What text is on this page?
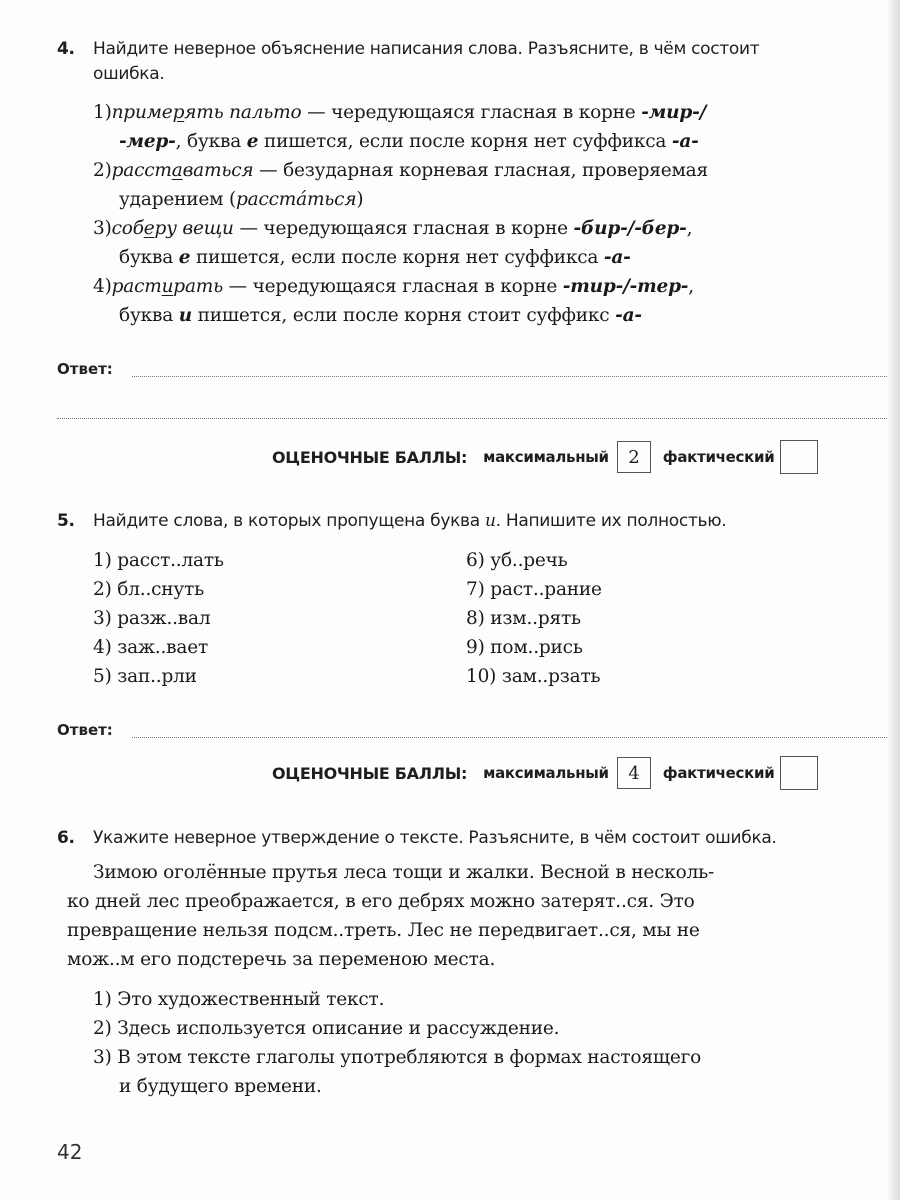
4. Найдите неверное объяснение написания слова. Разъясните, в чём состоит
ошибка.
1)примерять пальто — чередующаяся гласная в корне -мир-/
-мер-, буква е пишется, если после корня нет суффикса -а-
2)расставаться — безударная корневая гласная, проверяемая
ударением (расста́ться)
3)соберу вещи — чередующаяся гласная в корне -бир-/-бер-,
буква е пишется, если после корня нет суффикса -а-
4)растирать — чередующаяся гласная в корне -тир-/-тер-,
буква и пишется, если после корня стоит суффикс -а-
Ответ:
ОЦЕНОЧНЫЕ БАЛЛЫ: максимальный	2	фактический
5. Найдите слова, в которых пропущена буква и. Напишите их полностью.
1) расст..лать
2) бл..снуть
3) разж..вал
4) заж..вает
5) зап..рли
6) уб..речь
7) раст..рание
8) изм..рять
9) пом..рись
10) зам..рзать
Ответ:
ОЦЕНОЧНЫЕ БАЛЛЫ: максимальный	4	фактический
6. Укажите неверное утверждение о тексте. Разъясните, в чём состоит ошибка.
Зимою оголённые прутья леса тощи и жалки. Весной в несколь-
ко дней лес преображается, в его дебрях можно затерят..ся. Это
превращение нельзя подсм..треть. Лес не передвигает..ся, мы не
мож..м его подстеречь за переменою места.
1) Это художественный текст.
2) Здесь используется описание и рассуждение.
3) В этом тексте глаголы употребляются в формах настоящего
и будущего времени.
42
